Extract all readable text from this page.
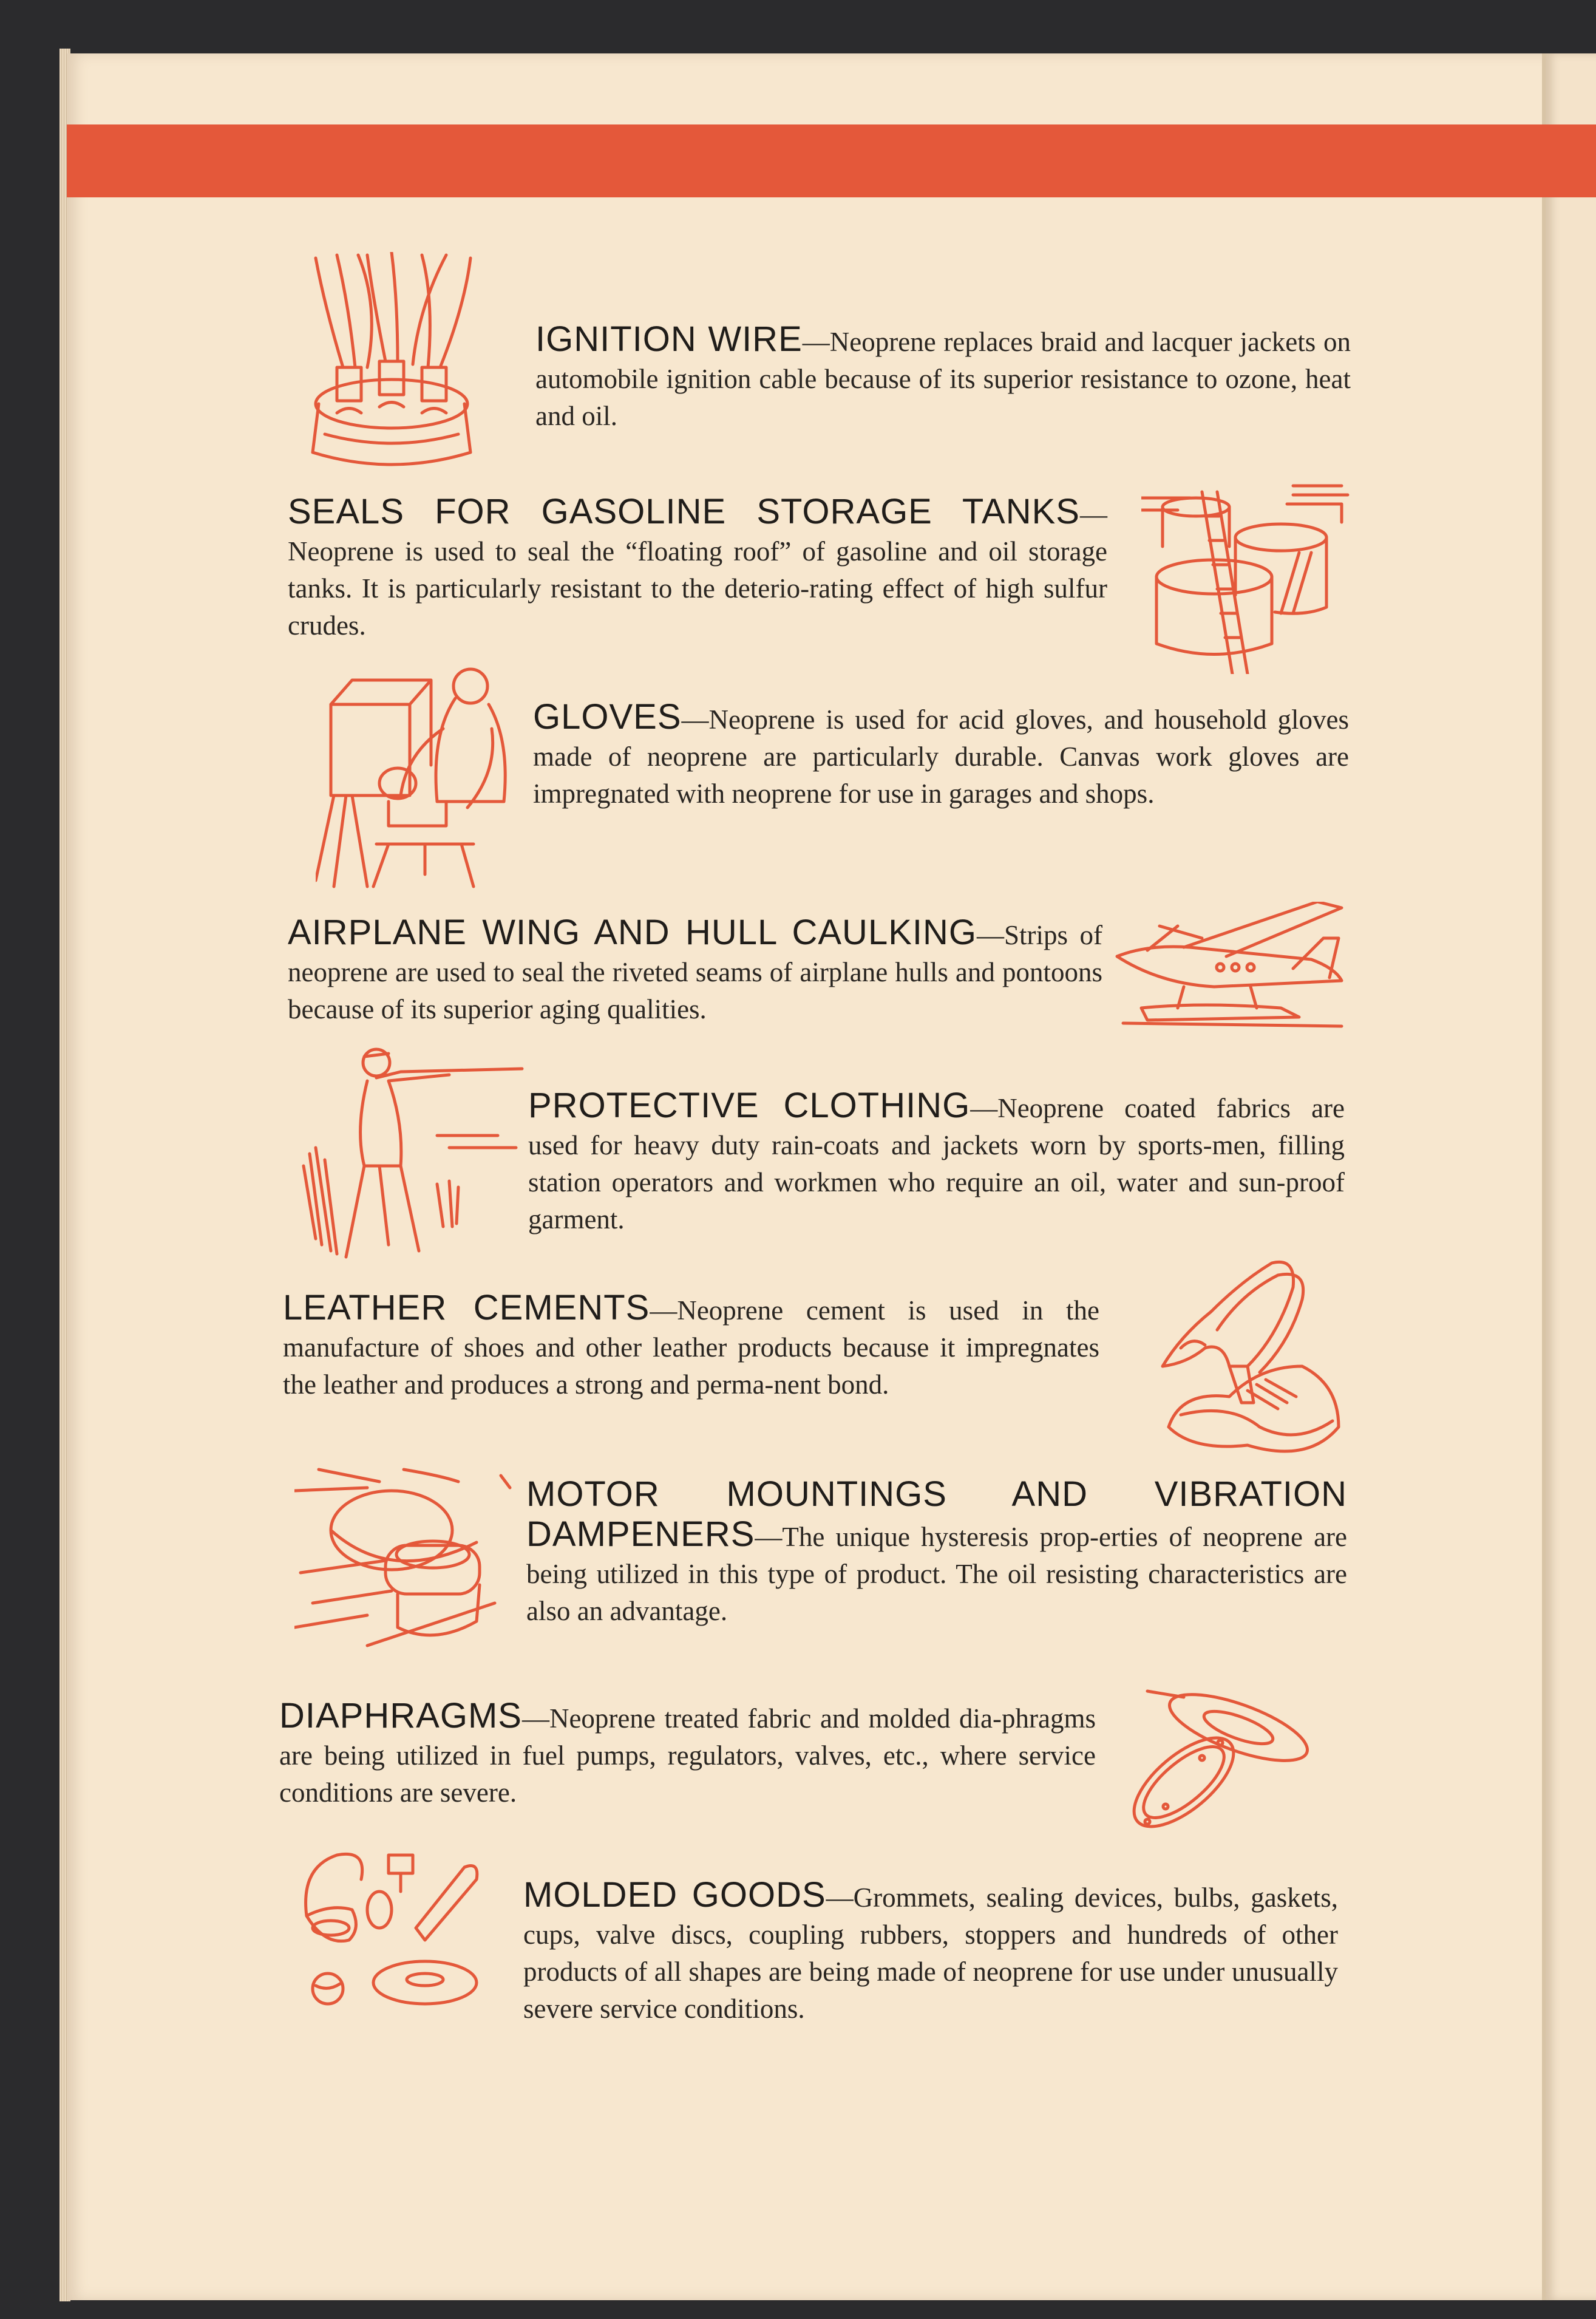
IGNITION WIRE—Neoprene replaces braid and lacquer jackets on automobile ignition cable because of its superior resistance to ozone, heat and oil.

SEALS FOR GASOLINE STORAGE TANKS— Neoprene is used to seal the “floating roof” of gasoline and oil storage tanks. It is particularly resistant to the deterio-rating effect of high sulfur crudes.

GLOVES—Neoprene is used for acid gloves, and household gloves made of neoprene are particularly durable. Canvas work gloves are impregnated with neoprene for use in garages and shops.

AIRPLANE WING AND HULL CAULKING—Strips of neoprene are used to seal the riveted seams of airplane hulls and pontoons because of its superior aging qualities.

PROTECTIVE CLOTHING—Neoprene coated fabrics are used for heavy duty rain-coats and jackets worn by sports-men, filling station operators and workmen who require an oil, water and sun-proof garment.

LEATHER CEMENTS—Neoprene cement is used in the manufacture of shoes and other leather products because it impregnates the leather and produces a strong and perma-nent bond.

MOTOR MOUNTINGS AND VIBRATION DAMPENERS—The unique hysteresis prop-erties of neoprene are being utilized in this type of product. The oil resisting characteristics are also an advantage.

DIAPHRAGMS—Neoprene treated fabric and molded dia-phragms are being utilized in fuel pumps, regulators, valves, etc., where service conditions are severe.

MOLDED GOODS—Grommets, sealing devices, bulbs, gaskets, cups, valve discs, coupling rubbers, stoppers and hundreds of other products of all shapes are being made of neoprene for use under unusually severe service conditions.
